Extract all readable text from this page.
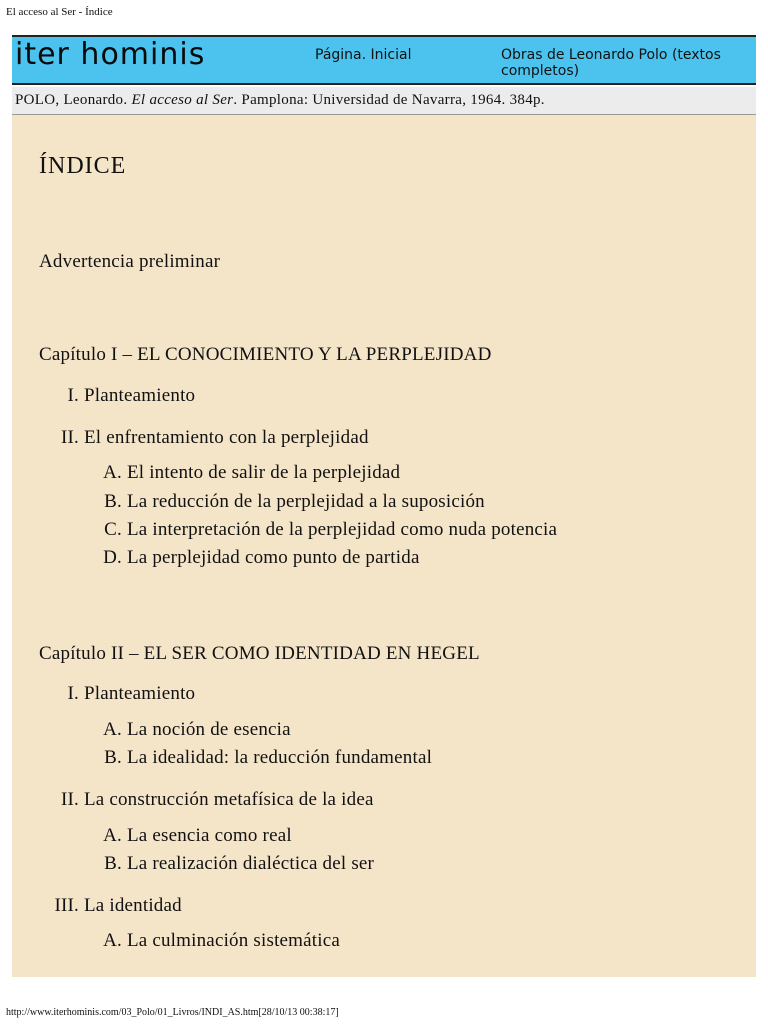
El acceso al Ser - Índice
iter hominis	Página. Inicial	Obras de Leonardo Polo (textos completos)
POLO, Leonardo. El acceso al Ser. Pamplona: Universidad de Navarra, 1964. 384p.
ÍNDICE
Advertencia preliminar
Capítulo I – EL CONOCIMIENTO Y LA PERPLEJIDAD
I. Planteamiento
II. El enfrentamiento con la perplejidad
A. El intento de salir de la perplejidad
B. La reducción de la perplejidad a la suposición
C. La interpretación de la perplejidad como nuda potencia
D. La perplejidad como punto de partida
Capítulo II – EL SER COMO IDENTIDAD EN HEGEL
I. Planteamiento
A. La noción de esencia
B. La idealidad: la reducción fundamental
II. La construcción metafísica de la idea
A. La esencia como real
B. La realización dialéctica del ser
III. La identidad
A. La culminación sistemática
http://www.iterhominis.com/03_Polo/01_Livros/INDI_AS.htm[28/10/13 00:38:17]
